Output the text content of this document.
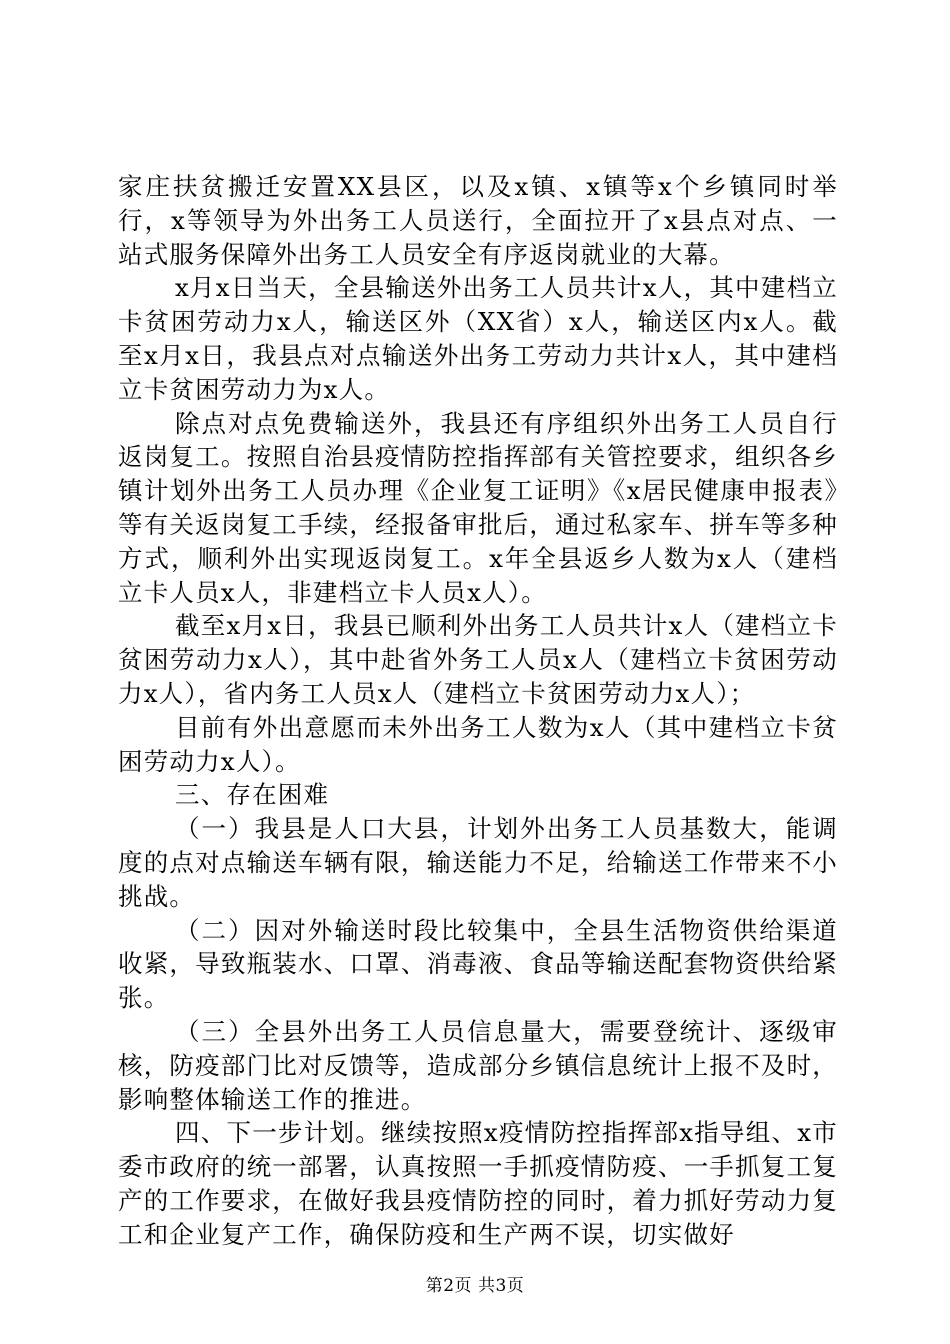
家庄扶贫搬迁安置XX县区，以及x镇、x镇等x个乡镇同时举行，x等领导为外出务工人员送行，全面拉开了x县点对点、一站式服务保障外出务工人员安全有序返岗就业的大幕。

x月x日当天，全县输送外出务工人员共计x人，其中建档立卡贫困劳动力x人，输送区外（XX省）x人，输送区内x人。截至x月x日，我县点对点输送外出务工劳动力共计x人，其中建档立卡贫困劳动力为x人。

除点对点免费输送外，我县还有序组织外出务工人员自行返岗复工。按照自治县疫情防控指挥部有关管控要求，组织各乡镇计划外出务工人员办理《企业复工证明》《x居民健康申报表》等有关返岗复工手续，经报备审批后，通过私家车、拼车等多种方式，顺利外出实现返岗复工。x年全县返乡人数为x人（建档立卡人员x人，非建档立卡人员x人）。

截至x月x日，我县已顺利外出务工人员共计x人（建档立卡贫困劳动力x人），其中赴省外务工人员x人（建档立卡贫困劳动力x人），省内务工人员x人（建档立卡贫困劳动力x人）；

目前有外出意愿而未外出务工人数为x人（其中建档立卡贫困劳动力x人）。

三、存在困难

（一）我县是人口大县，计划外出务工人员基数大，能调度的点对点输送车辆有限，输送能力不足，给输送工作带来不小挑战。

（二）因对外输送时段比较集中，全县生活物资供给渠道收紧，导致瓶装水、口罩、消毒液、食品等输送配套物资供给紧张。

（三）全县外出务工人员信息量大，需要登统计、逐级审核，防疫部门比对反馈等，造成部分乡镇信息统计上报不及时，影响整体输送工作的推进。

四、下一步计划。继续按照x疫情防控指挥部x指导组、x市委市政府的统一部署，认真按照一手抓疫情防疫、一手抓复工复产的工作要求，在做好我县疫情防控的同时，着力抓好劳动力复工和企业复产工作，确保防疫和生产两不误，切实做好

第2页 共3页
